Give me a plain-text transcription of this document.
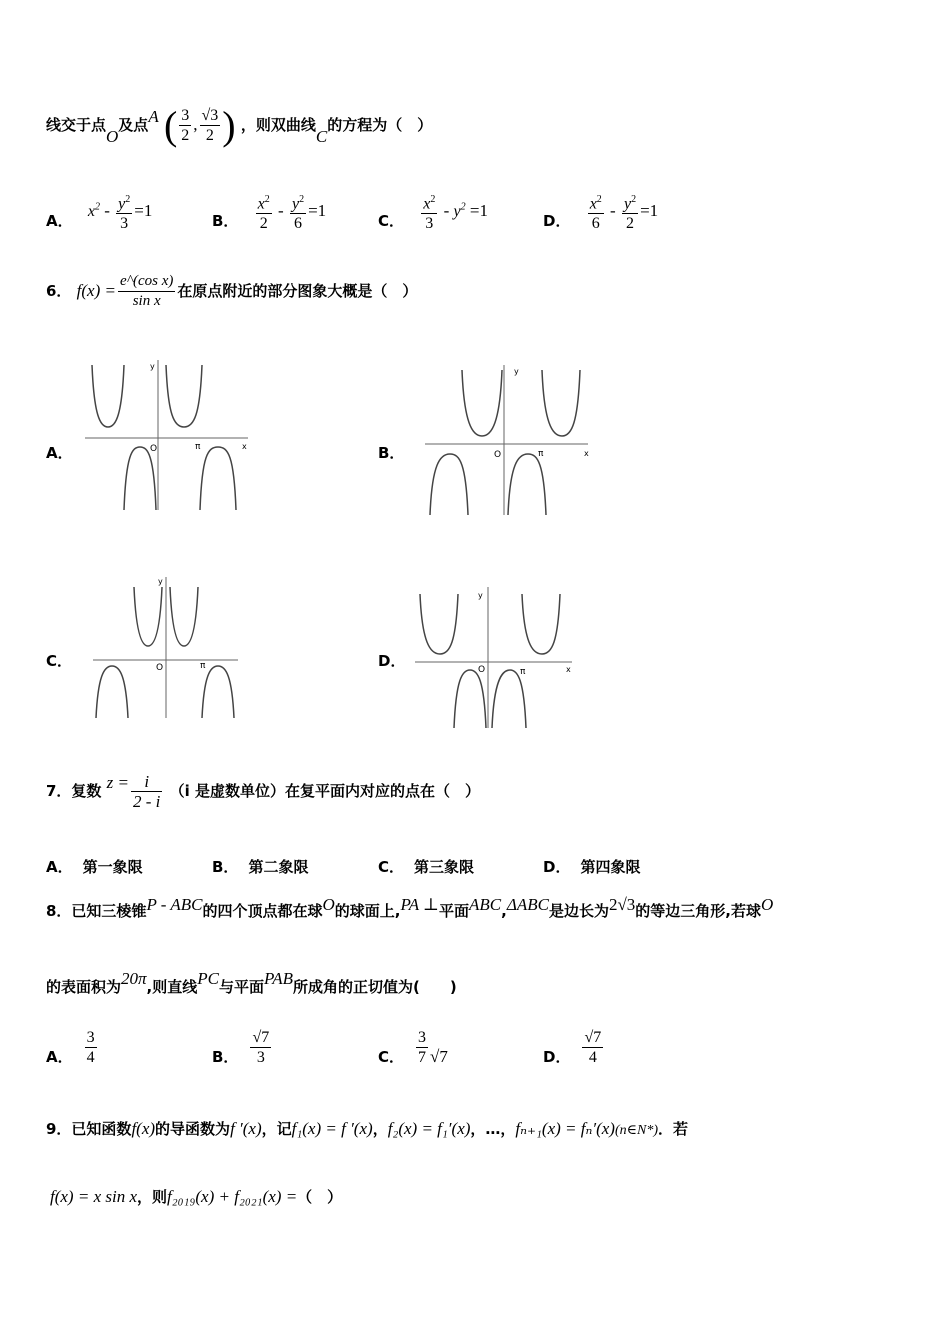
线交于点O及点A ( $\frac{3}{2}$ , $\frac{√3}{2}$ ) ，则双曲线C的方程为（　）
A． $x^2 - \frac{y^2}{3} =1$
B． $\frac{x^2}{2} - \frac{y^2}{6} =1$
C． $\frac{x^2}{3} - y^2 =1$
D． $\frac{x^2}{6} - \frac{y^2}{2} =1$
6． $f(x) = \frac{\text{e\textasciicircum{}(cos x)}}{\text{sin x}}$ 在原点附近的部分图象大概是（　）
A．	B．
C．	D．
O	π	x
y
O	π	x
y
O	π
y
O	π	x
y
7．复数 $z = \frac{i}{2 - i} (i$ 是虚数单位）在复平面内对应的点在（　）
A． 第一象限	B． 第二象限	C． 第三象限	D． 第四象限
8．已知三棱锥P - ABC的四个顶点都在球O的球面上,PA ⊥平面ABC,ΔABC是边长为2√3的等边三角形,若球O
的表面积为20π,则直线PC与平面PAB所成角的正切值为(　　)
A． $\frac{3}{4}$	B． $\frac{√7}{3}$	C． $\frac{3}{7} √7$	D． $\frac{√7}{4}$
9．已知函数f(x)的导函数为f ′(x)，记f₁(x) = f ′(x)，f₂(x) = f₁′(x)，…，fₙ₊₁(x) = fₙ′(x)(n∈N*)．若
f(x) = x sin x，则f₂₀₁₉(x) + f₂₀₂₁(x) =（　）
